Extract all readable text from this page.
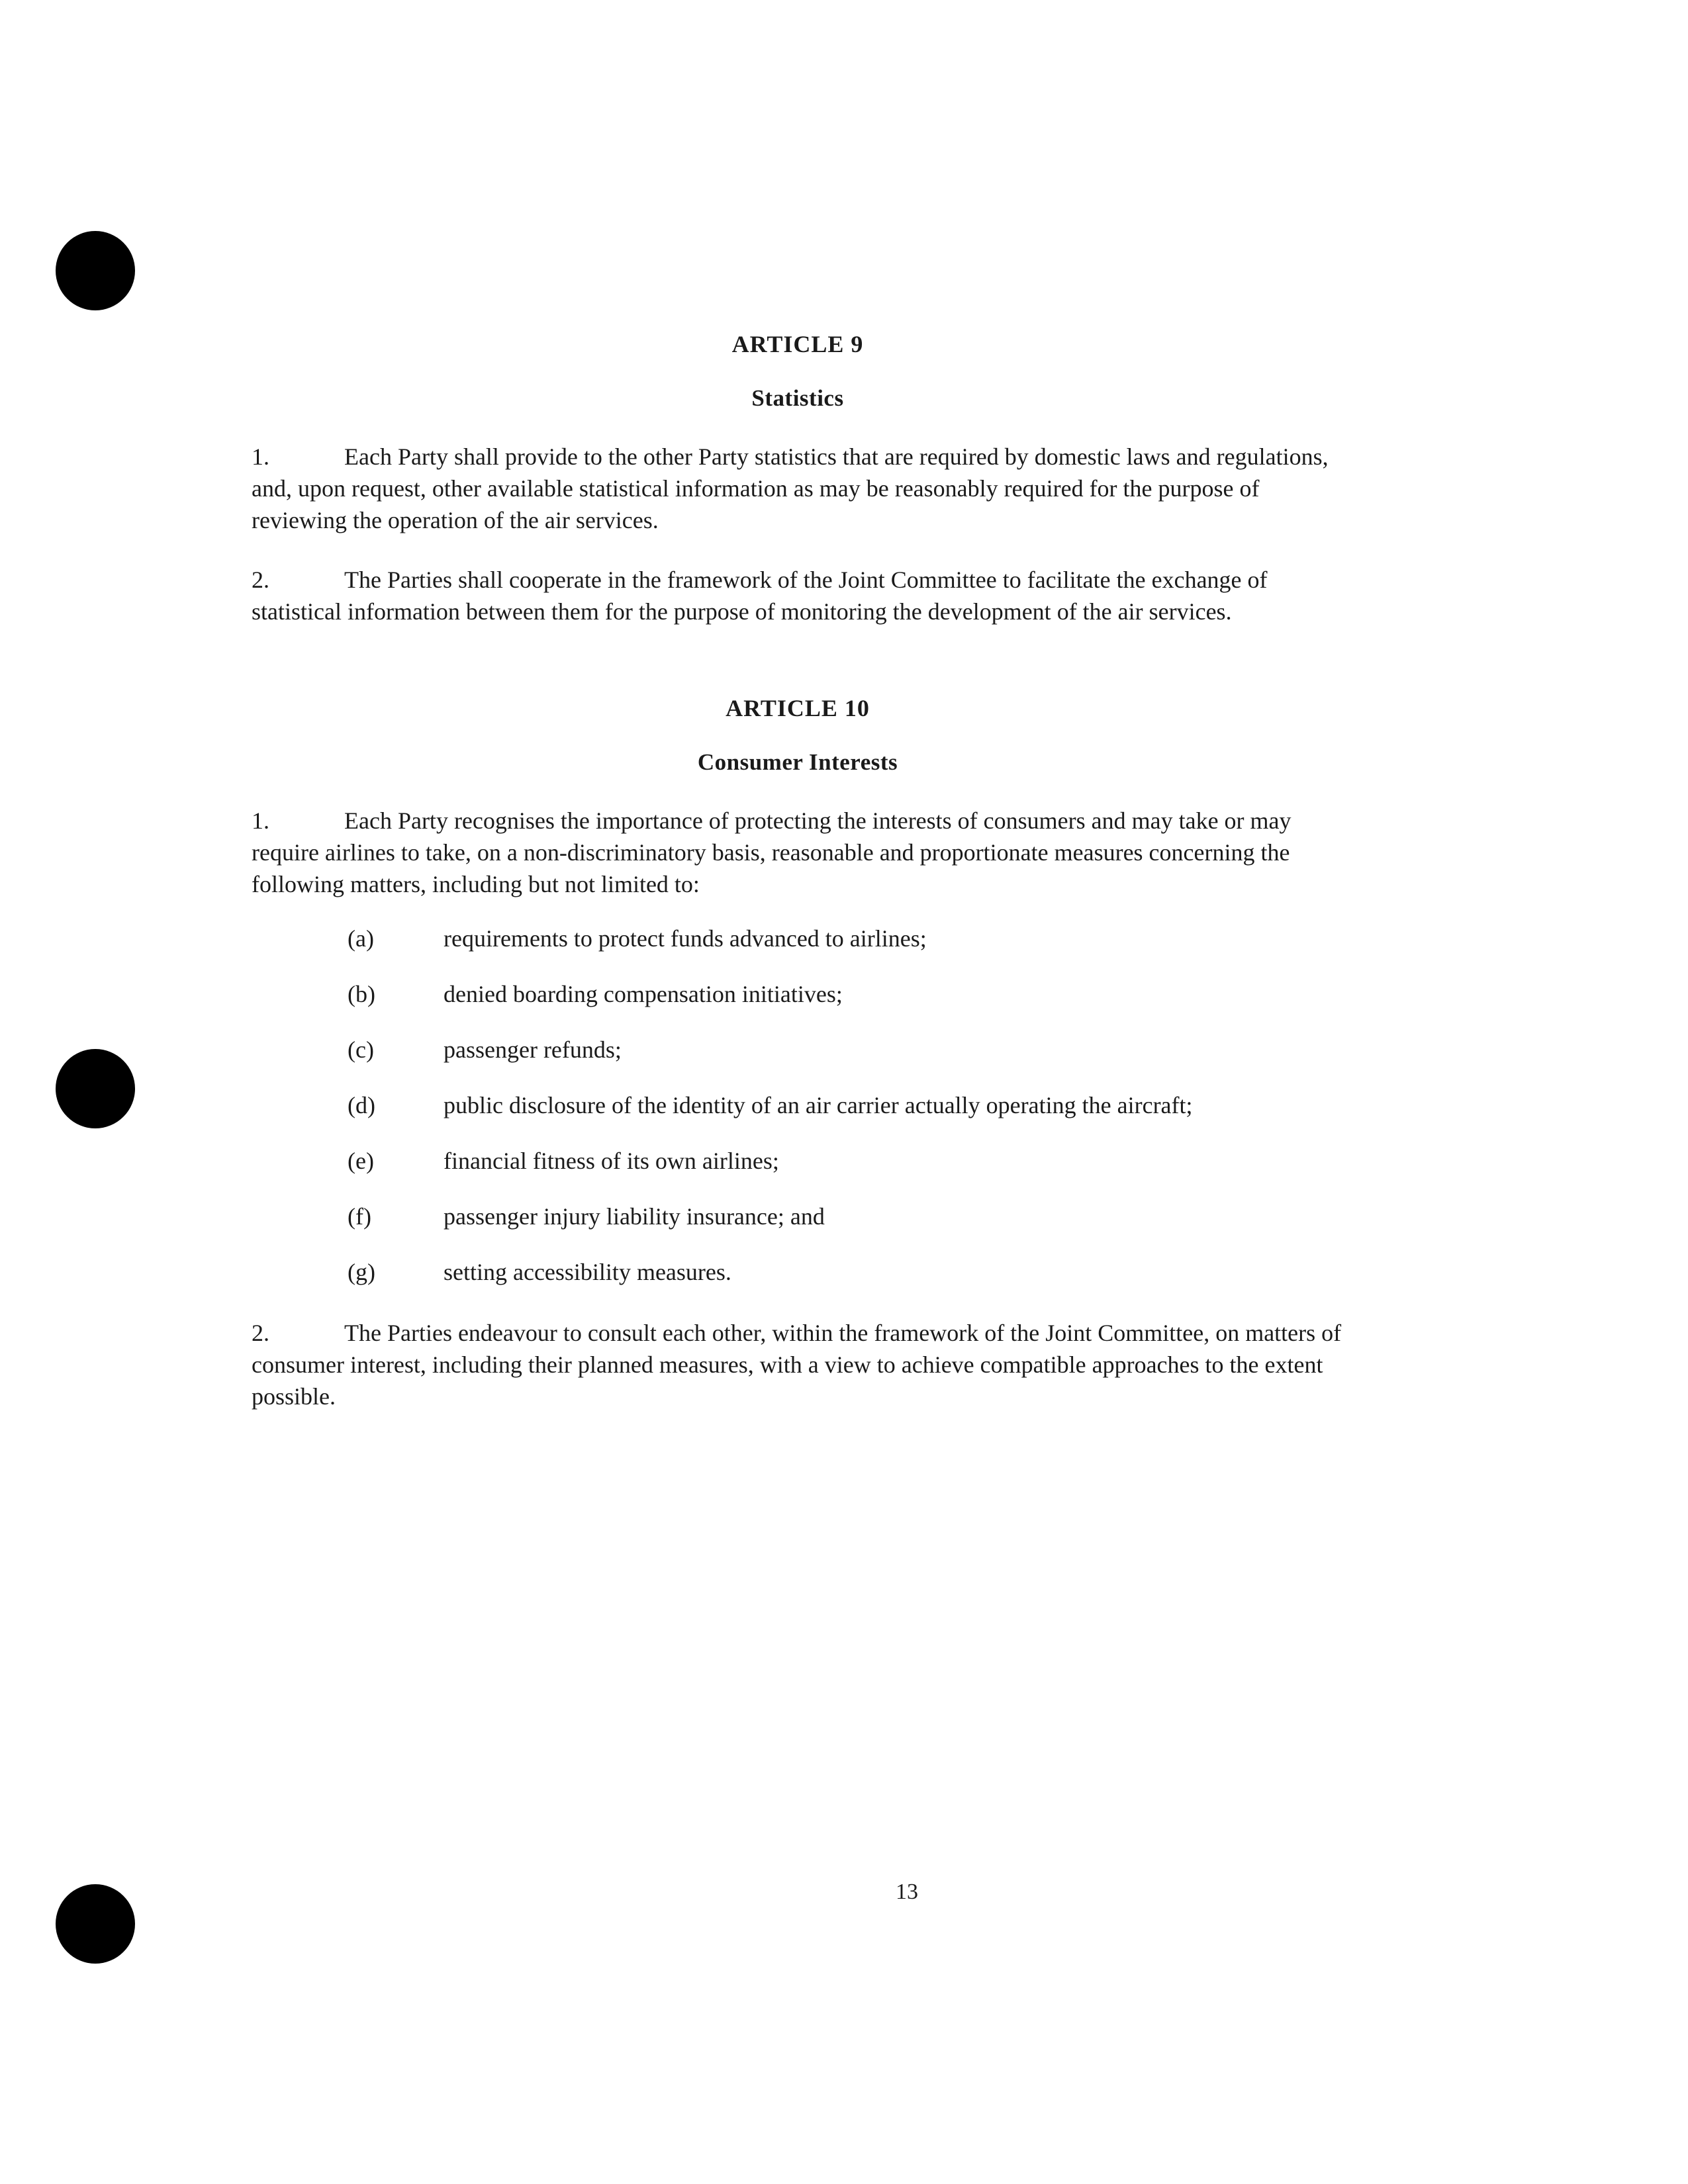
ARTICLE 9
Statistics

1.	Each Party shall provide to the other Party statistics that are required by domestic laws and regulations, and, upon request, other available statistical information as may be reasonably required for the purpose of reviewing the operation of the air services.

2.	The Parties shall cooperate in the framework of the Joint Committee to facilitate the exchange of statistical information between them for the purpose of monitoring the development of the air services.

ARTICLE 10
Consumer Interests

1.	Each Party recognises the importance of protecting the interests of consumers and may take or may require airlines to take, on a non-discriminatory basis, reasonable and proportionate measures concerning the following matters, including but not limited to:

(a)	requirements to protect funds advanced to airlines;
(b)	denied boarding compensation initiatives;
(c)	passenger refunds;
(d)	public disclosure of the identity of an air carrier actually operating the aircraft;
(e)	financial fitness of its own airlines;
(f)	passenger injury liability insurance; and
(g)	setting accessibility measures.

2.	The Parties endeavour to consult each other, within the framework of the Joint Committee, on matters of consumer interest, including their planned measures, with a view to achieve compatible approaches to the extent possible.

13
